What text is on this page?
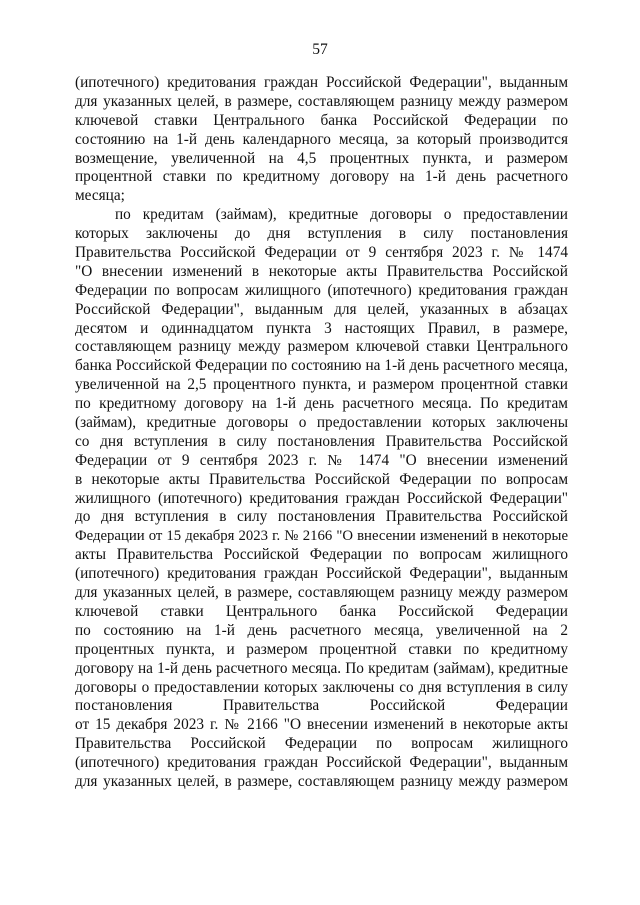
57
(ипотечного) кредитования граждан Российской Федерации", выданным
для указанных целей, в размере, составляющем разницу между размером
ключевой ставки Центрального банка Российской Федерации по
состоянию на 1-й день календарного месяца, за который производится
возмещение, увеличенной на 4,5 процентных пункта, и размером
процентной ставки по кредитному договору на 1-й день расчетного
месяца;
по кредитам (займам), кредитные договоры о предоставлении
которых заключены до дня вступления в силу постановления
Правительства Российской Федерации от 9 сентября 2023 г. № 1474
"О внесении изменений в некоторые акты Правительства Российской
Федерации по вопросам жилищного (ипотечного) кредитования граждан
Российской Федерации", выданным для целей, указанных в абзацах
десятом и одиннадцатом пункта 3 настоящих Правил, в размере,
составляющем разницу между размером ключевой ставки Центрального
банка Российской Федерации по состоянию на 1-й день расчетного месяца,
увеличенной на 2,5 процентного пункта, и размером процентной ставки
по кредитному договору на 1-й день расчетного месяца. По кредитам
(займам), кредитные договоры о предоставлении которых заключены
со дня вступления в силу постановления Правительства Российской
Федерации от 9 сентября 2023 г. № 1474 "О внесении изменений
в некоторые акты Правительства Российской Федерации по вопросам
жилищного (ипотечного) кредитования граждан Российской Федерации"
до дня вступления в силу постановления Правительства Российской
Федерации от 15 декабря 2023 г. № 2166 "О внесении изменений в некоторые
акты Правительства Российской Федерации по вопросам жилищного
(ипотечного) кредитования граждан Российской Федерации", выданным
для указанных целей, в размере, составляющем разницу между размером
ключевой ставки Центрального банка Российской Федерации
по состоянию на 1-й день расчетного месяца, увеличенной на 2
процентных пункта, и размером процентной ставки по кредитному
договору на 1-й день расчетного месяца. По кредитам (займам), кредитные
договоры о предоставлении которых заключены со дня вступления в силу
постановления Правительства Российской Федерации
от 15 декабря 2023 г. № 2166 "О внесении изменений в некоторые акты
Правительства Российской Федерации по вопросам жилищного
(ипотечного) кредитования граждан Российской Федерации", выданным
для указанных целей, в размере, составляющем разницу между размером
